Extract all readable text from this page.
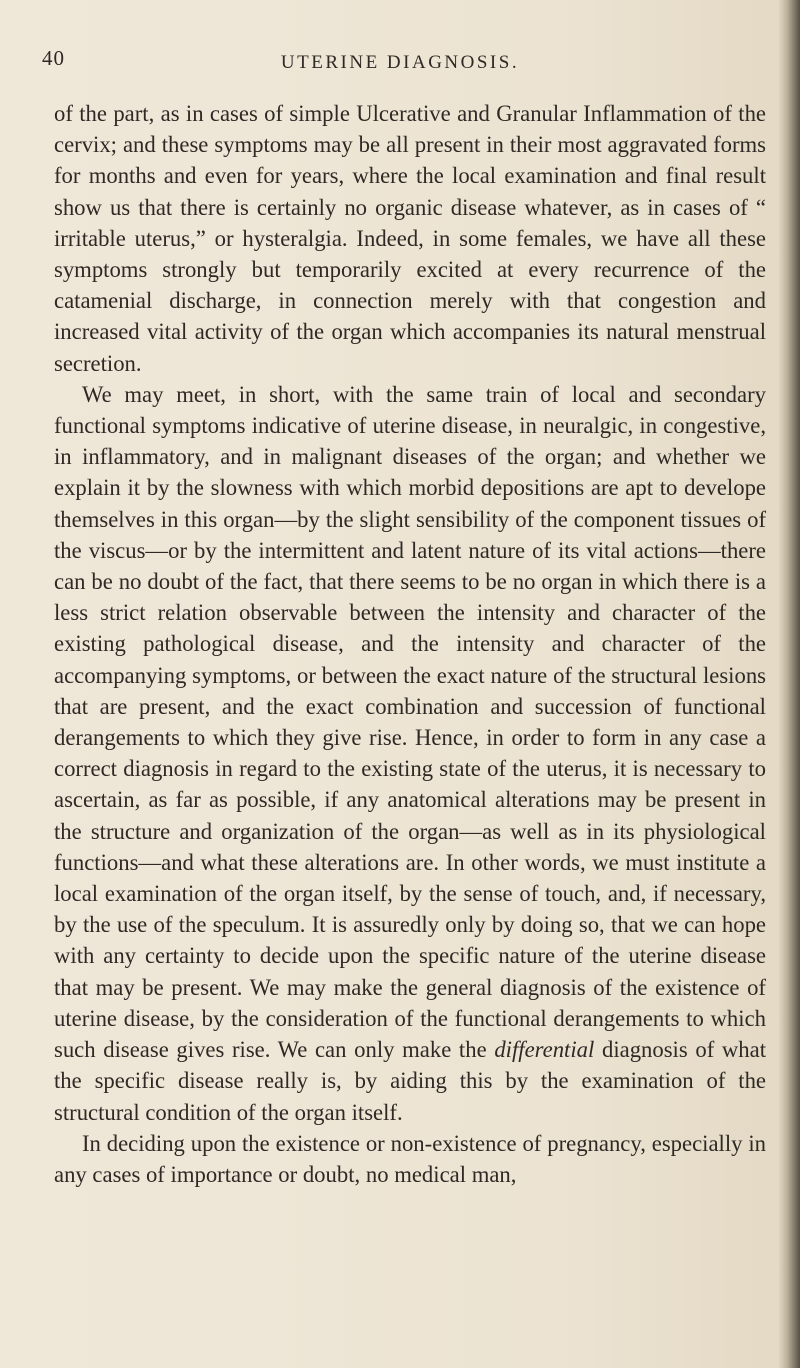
40	UTERINE DIAGNOSIS.

of the part, as in cases of simple Ulcerative and Granular Inflammation of the cervix; and these symptoms may be all present in their most aggravated forms for months and even for years, where the local examination and final result show us that there is certainly no organic disease whatever, as in cases of “ irritable uterus,” or hysteralgia. Indeed, in some females, we have all these symptoms strongly but temporarily excited at every recurrence of the catamenial discharge, in connection merely with that congestion and increased vital activity of the organ which accompanies its natural menstrual secretion.

We may meet, in short, with the same train of local and secondary functional symptoms indicative of uterine disease, in neuralgic, in congestive, in inflammatory, and in malignant diseases of the organ; and whether we explain it by the slowness with which morbid depositions are apt to develope themselves in this organ—by the slight sensibility of the component tissues of the viscus—or by the intermittent and latent nature of its vital actions—there can be no doubt of the fact, that there seems to be no organ in which there is a less strict relation observable between the intensity and character of the existing pathological disease, and the intensity and character of the accompanying symptoms, or between the exact nature of the structural lesions that are present, and the exact combination and succession of functional derangements to which they give rise. Hence, in order to form in any case a correct diagnosis in regard to the existing state of the uterus, it is necessary to ascertain, as far as possible, if any anatomical alterations may be present in the structure and organization of the organ—as well as in its physiological functions—and what these alterations are. In other words, we must institute a local examination of the organ itself, by the sense of touch, and, if necessary, by the use of the speculum. It is assuredly only by doing so, that we can hope with any certainty to decide upon the specific nature of the uterine disease that may be present. We may make the general diagnosis of the existence of uterine disease, by the consideration of the functional derangements to which such disease gives rise. We can only make the differential diagnosis of what the specific disease really is, by aiding this by the examination of the structural condition of the organ itself.

In deciding upon the existence or non-existence of pregnancy, especially in any cases of importance or doubt, no medical man,
